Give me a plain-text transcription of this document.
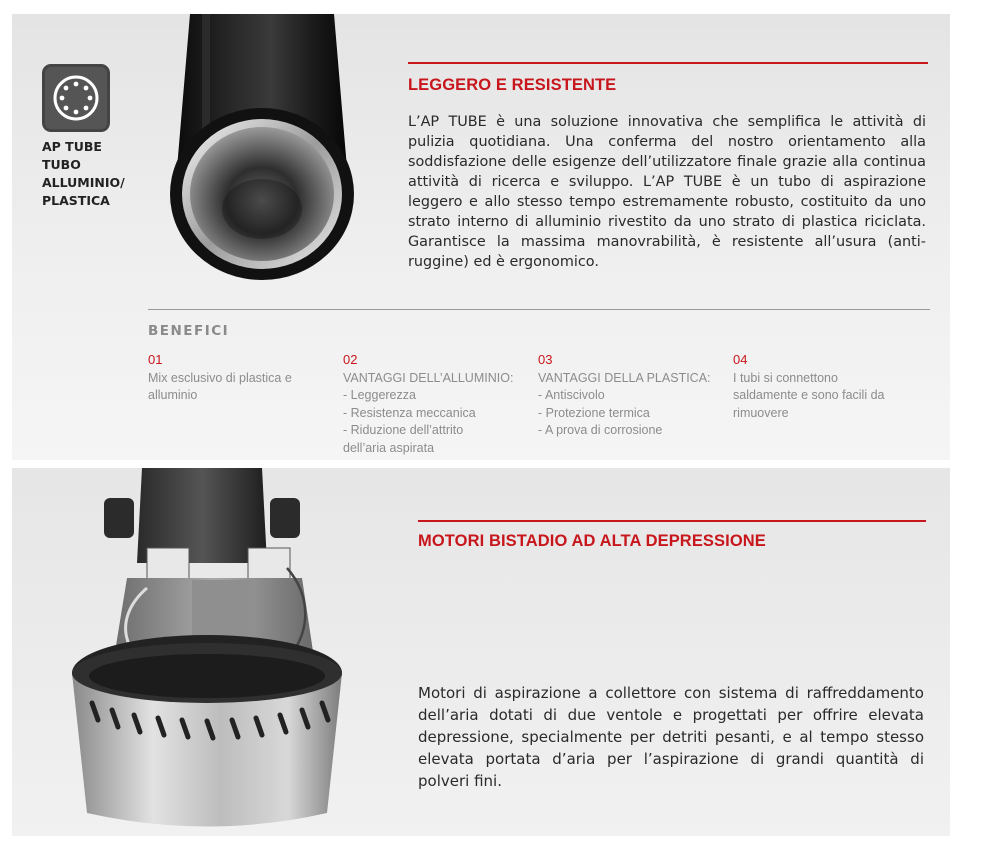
AP TUBE
TUBO
ALLUMINIO/
PLASTICA
LEGGERO E RESISTENTE

L’AP TUBE è una soluzione innovativa che semplifica le attività di pulizia quotidiana. Una conferma del nostro orientamento alla soddisfazione delle esigenze dell’utilizzatore finale grazie alla continua attività di ricerca e sviluppo. L’AP TUBE è un tubo di aspirazione leggero e allo stesso tempo estremamente robusto, costituito da uno strato interno di alluminio rivestito da uno strato di plastica riciclata. Garantisce la massima manovrabilità, è resistente all’usura (anti-ruggine) ed è ergonomico.

BENEFICI
01
Mix esclusivo di plastica e
alluminio
02
VANTAGGI DELL’ALLUMINIO:
- Leggerezza
- Resistenza meccanica
- Riduzione dell’attrito
dell’aria aspirata
03
VANTAGGI DELLA PLASTICA:
- Antiscivolo
- Protezione termica
- A prova di corrosione
04
I tubi si connettono
saldamente e sono facili da
rimuovere
MOTORI BISTADIO AD ALTA DEPRESSIONE

Motori di aspirazione a collettore con sistema di raffreddamento dell’aria dotati di due ventole e progettati per offrire elevata depressione, specialmente per detriti pesanti, e al tempo stesso elevata portata d’aria per l’aspirazione di grandi quantità di polveri fini.
